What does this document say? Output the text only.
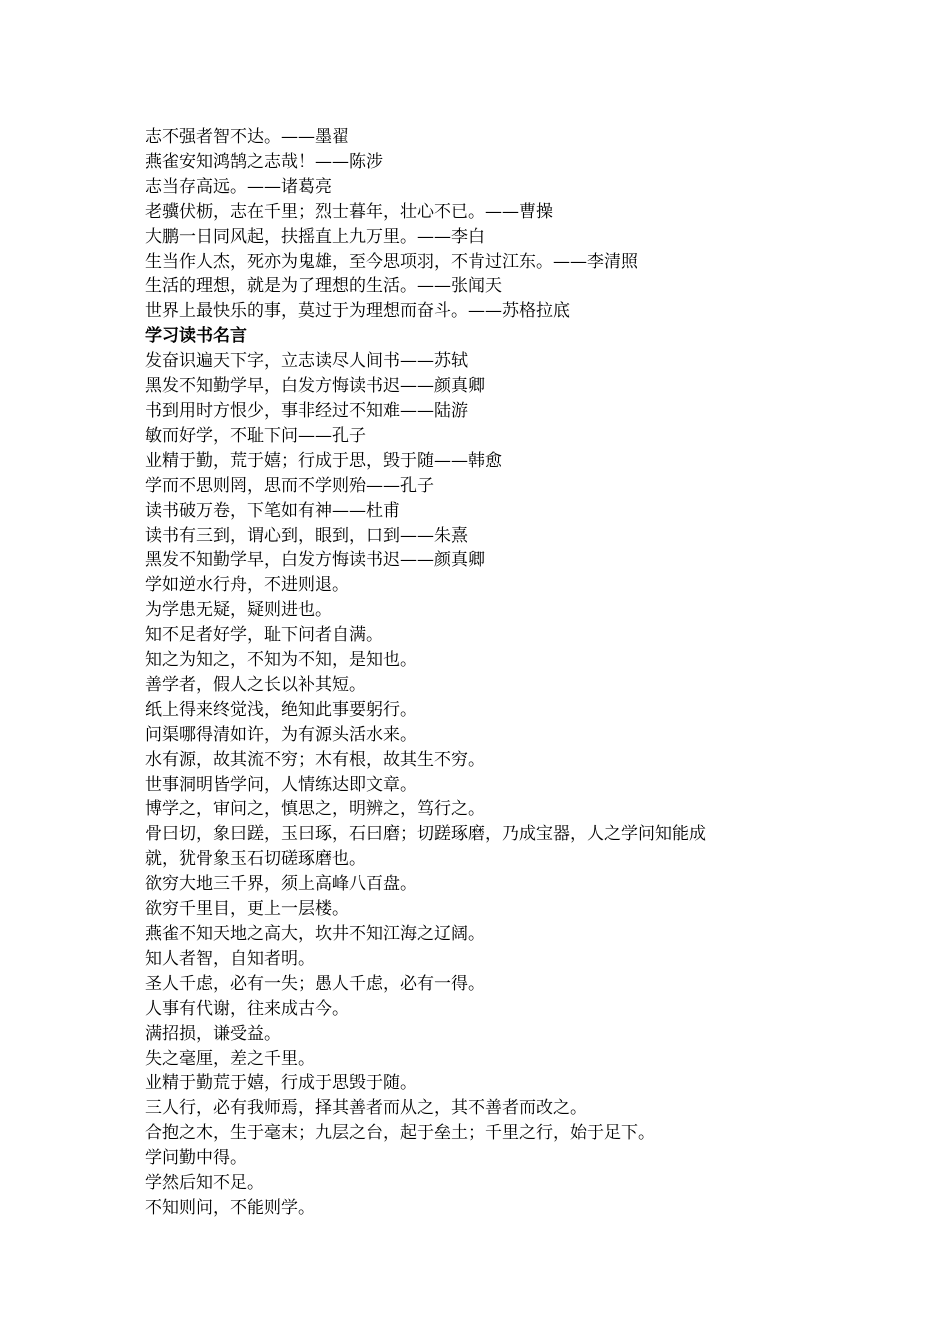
志不强者智不达。——墨翟
燕雀安知鸿鹄之志哉！——陈涉
志当存高远。——诸葛亮
老骥伏枥，志在千里；烈士暮年，壮心不已。——曹操
大鹏一日同风起，扶摇直上九万里。——李白
生当作人杰，死亦为鬼雄，至今思项羽，不肯过江东。——李清照
生活的理想，就是为了理想的生活。——张闻天
世界上最快乐的事，莫过于为理想而奋斗。——苏格拉底
学习读书名言
发奋识遍天下字，立志读尽人间书——苏轼
黑发不知勤学早，白发方悔读书迟——颜真卿
书到用时方恨少，事非经过不知难——陆游
敏而好学，不耻下问——孔子
业精于勤，荒于嬉；行成于思，毁于随——韩愈
学而不思则罔，思而不学则殆——孔子
读书破万卷，下笔如有神——杜甫
读书有三到，谓心到，眼到，口到——朱熹
黑发不知勤学早，白发方悔读书迟——颜真卿
学如逆水行舟，不进则退。
为学患无疑，疑则进也。
知不足者好学，耻下问者自满。
知之为知之，不知为不知，是知也。
善学者，假人之长以补其短。
纸上得来终觉浅，绝知此事要躬行。
问渠哪得清如许，为有源头活水来。
水有源，故其流不穷；木有根，故其生不穷。
世事洞明皆学问，人情练达即文章。
博学之，审问之，慎思之，明辨之，笃行之。
骨曰切，象曰蹉，玉曰琢，石曰磨；切蹉琢磨，乃成宝器，人之学问知能成
就，犹骨象玉石切磋琢磨也。
欲穷大地三千界，须上高峰八百盘。
欲穷千里目，更上一层楼。
燕雀不知天地之高大，坎井不知江海之辽阔。
知人者智，自知者明。
圣人千虑，必有一失；愚人千虑，必有一得。
人事有代谢，往来成古今。
满招损，谦受益。
失之毫厘，差之千里。
业精于勤荒于嬉，行成于思毁于随。
三人行，必有我师焉，择其善者而从之，其不善者而改之。
合抱之木，生于毫末；九层之台，起于垒土；千里之行，始于足下。
学问勤中得。
学然后知不足。
不知则问，不能则学。
